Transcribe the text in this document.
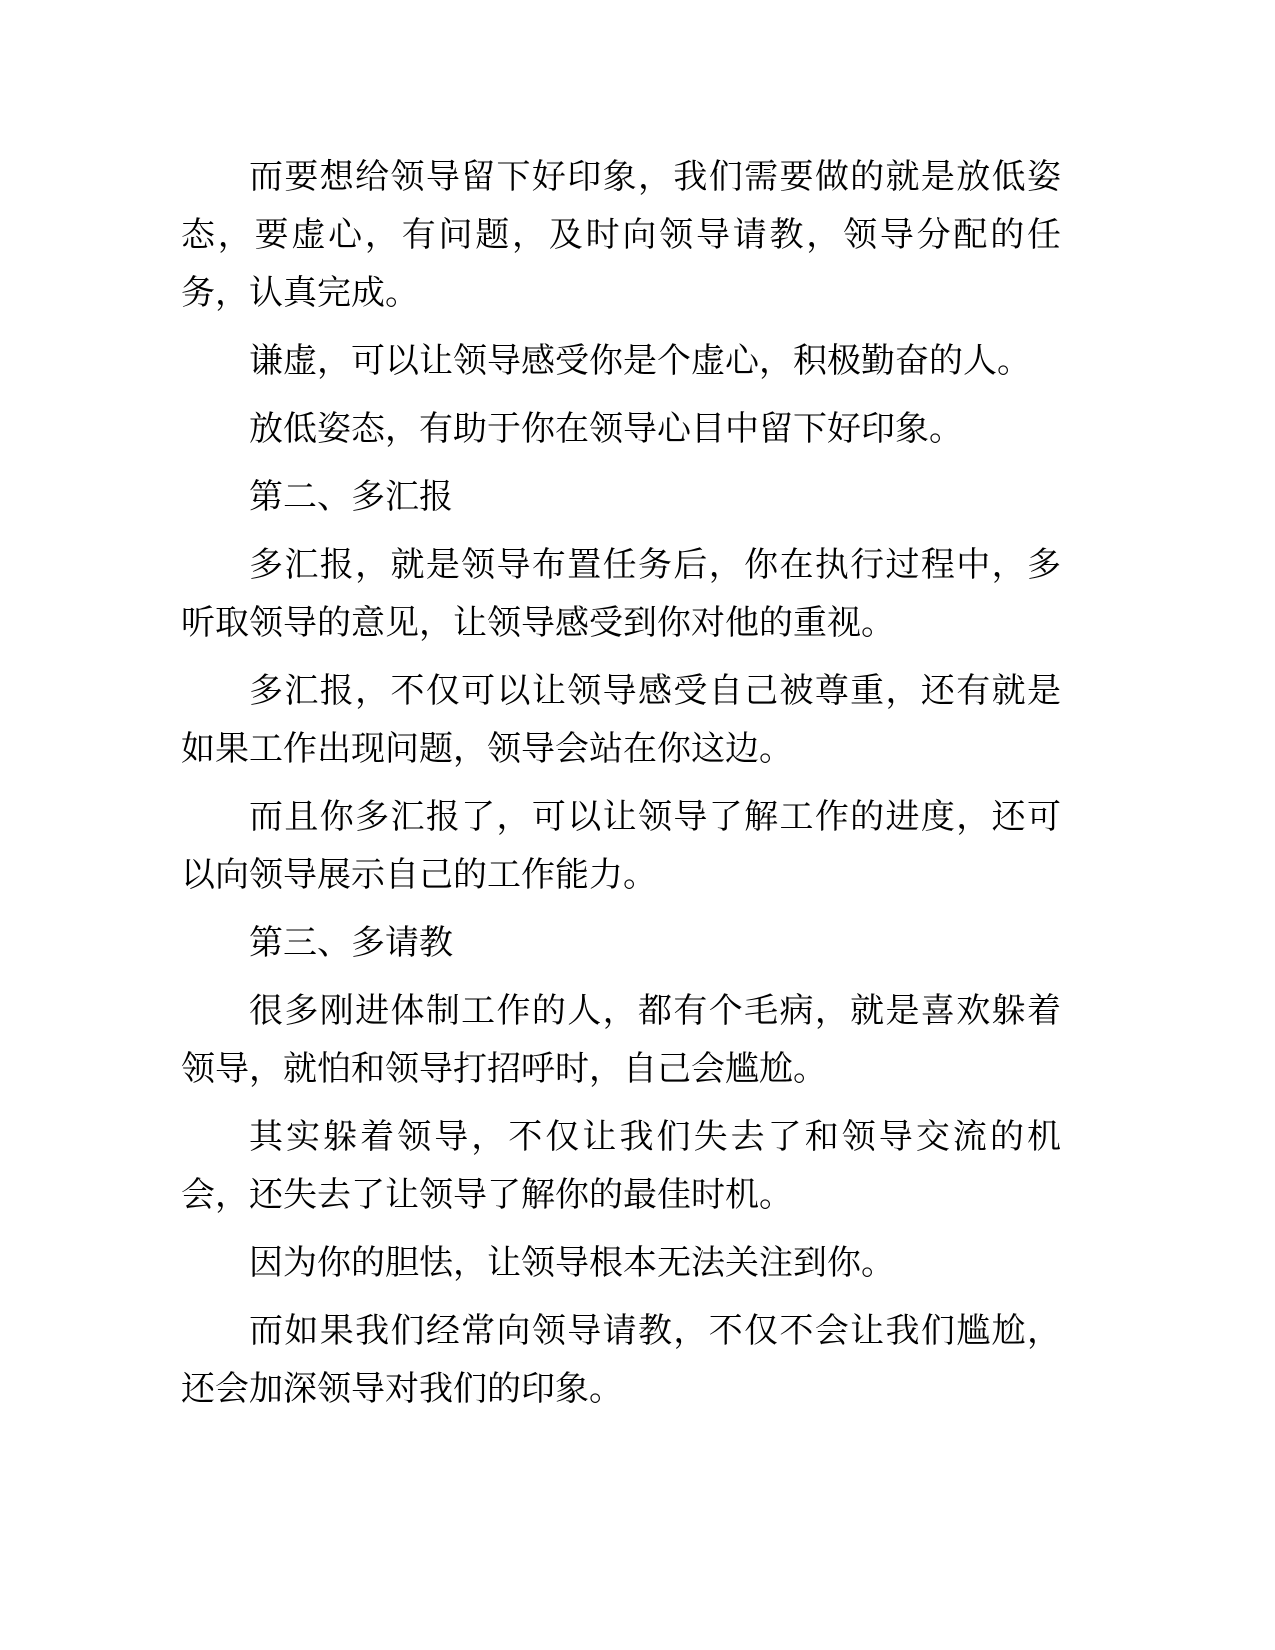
而要想给领导留下好印象，我们需要做的就是放低姿态，要虚心，有问题，及时向领导请教，领导分配的任务，认真完成。

谦虚，可以让领导感受你是个虚心，积极勤奋的人。

放低姿态，有助于你在领导心目中留下好印象。

第二、多汇报

多汇报，就是领导布置任务后，你在执行过程中，多听取领导的意见，让领导感受到你对他的重视。

多汇报，不仅可以让领导感受自己被尊重，还有就是如果工作出现问题，领导会站在你这边。

而且你多汇报了，可以让领导了解工作的进度，还可以向领导展示自己的工作能力。

第三、多请教

很多刚进体制工作的人，都有个毛病，就是喜欢躲着领导，就怕和领导打招呼时，自己会尴尬。

其实躲着领导，不仅让我们失去了和领导交流的机会，还失去了让领导了解你的最佳时机。

因为你的胆怯，让领导根本无法关注到你。

而如果我们经常向领导请教，不仅不会让我们尴尬，还会加深领导对我们的印象。
